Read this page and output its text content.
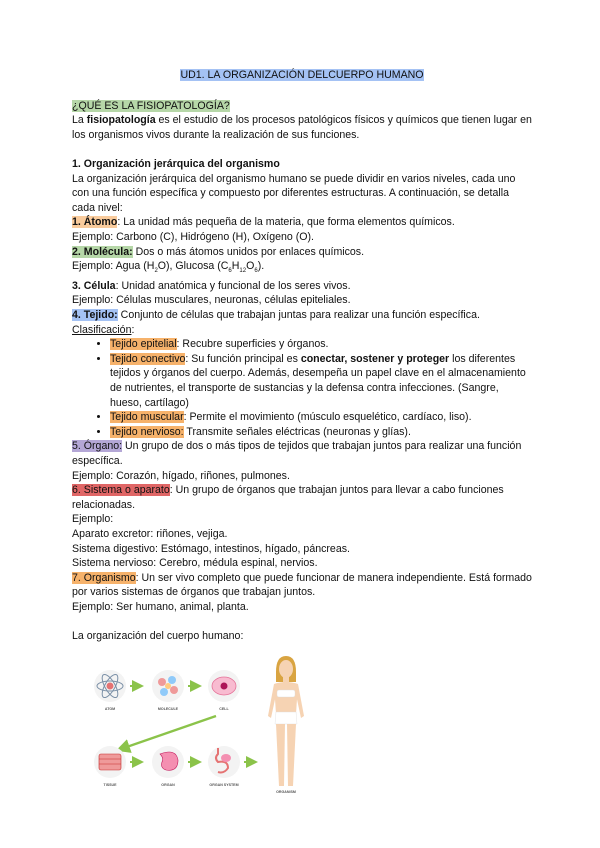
UD1. LA ORGANIZACIÓN DELCUERPO HUMANO
¿QUÉ ES LA FISIOPATOLOGÍA?
La fisiopatología es el estudio de los procesos patológicos físicos y químicos que tienen lugar en los organismos vivos durante la realización de sus funciones.
1. Organización jerárquica del organismo
La organización jerárquica del organismo humano se puede dividir en varios niveles, cada uno con una función específica y compuesto por diferentes estructuras. A continuación, se detalla cada nivel:
1. Átomo: La unidad más pequeña de la materia, que forma elementos químicos.
Ejemplo: Carbono (C), Hidrógeno (H), Oxígeno (O).
2. Molécula: Dos o más átomos unidos por enlaces químicos.
Ejemplo: Agua $(H_2O)$, Glucosa $(C_6H_{12}O_6)$.
3. Célula: Unidad anatómica y funcional de los seres vivos.
Ejemplo: Células musculares, neuronas, células epiteliales.
4. Tejido: Conjunto de células que trabajan juntas para realizar una función específica.
Clasificación:
• Tejido epitelial: Recubre superficies y órganos.
• Tejido conectivo: Su función principal es conectar, sostener y proteger los diferentes tejidos y órganos del cuerpo. Además, desempeña un papel clave en el almacenamiento de nutrientes, el transporte de sustancias y la defensa contra infecciones. (Sangre, hueso, cartílago)
• Tejido muscular: Permite el movimiento (músculo esquelético, cardíaco, liso).
• Tejido nervioso: Transmite señales eléctricas (neuronas y glías).
5. Órgano: Un grupo de dos o más tipos de tejidos que trabajan juntos para realizar una función específica.
Ejemplo: Corazón, hígado, riñones, pulmones.
6. Sistema o aparato: Un grupo de órganos que trabajan juntos para llevar a cabo funciones relacionadas.
Ejemplo:
Aparato excretor: riñones, vejiga.
Sistema digestivo: Estómago, intestinos, hígado, páncreas.
Sistema nervioso: Cerebro, médula espinal, nervios.
7. Organismo: Un ser vivo completo que puede funcionar de manera independiente. Está formado por varios sistemas de órganos que trabajan juntos.
Ejemplo: Ser humano, animal, planta.
La organización del cuerpo humano:
ATOM	MOLECULE	CELL
TISSUE	ORGAN	ORGAN SYSTEM
ORGANISM
